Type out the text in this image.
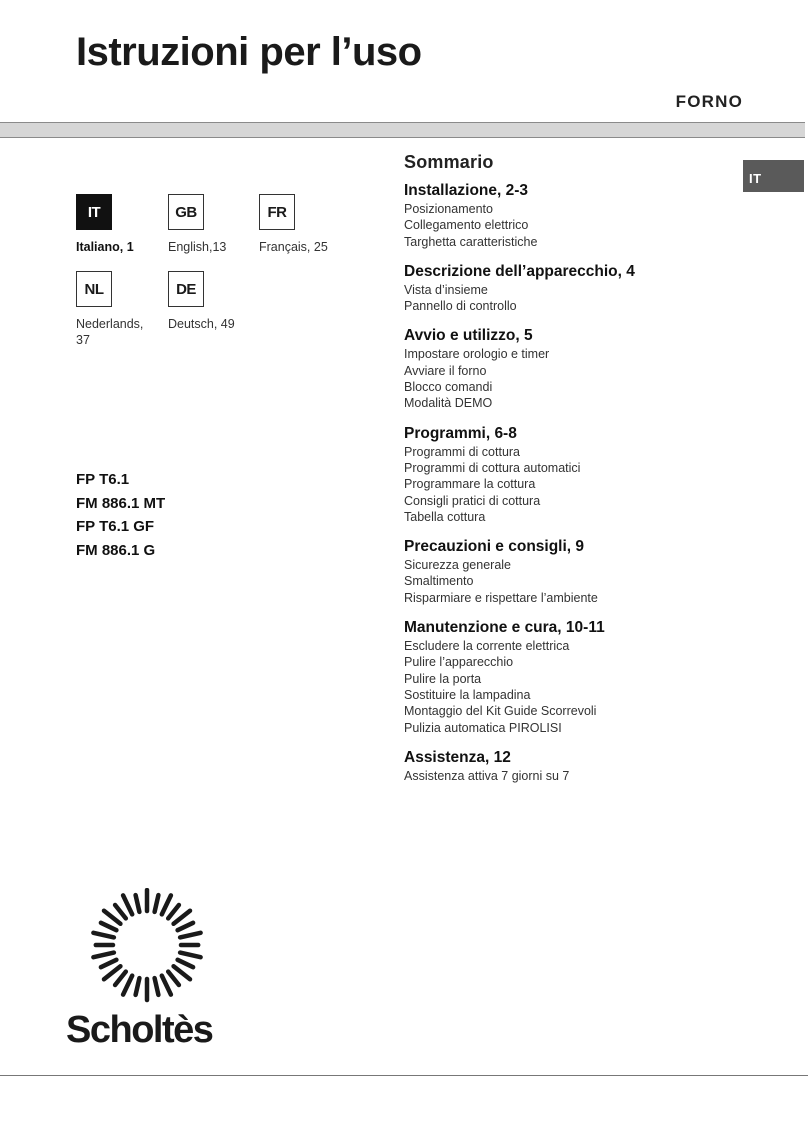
Istruzioni per l’uso
FORNO
IT
IT
Italiano, 1
GB
English,13
FR
Français, 25
NL
Nederlands, 37
DE
Deutsch, 49
FP T6.1
FM 886.1 MT
FP T6.1 GF
FM 886.1 G
Sommario
Installazione, 2-3
Posizionamento
Collegamento elettrico
Targhetta caratteristiche
Descrizione dell’apparecchio, 4
Vista d’insieme
Pannello di controllo
Avvio e utilizzo, 5
Impostare orologio e timer
Avviare il forno
Blocco comandi
Modalità DEMO
Programmi, 6-8
Programmi di cottura
Programmi di cottura automatici
Programmare la cottura
Consigli pratici di cottura
Tabella cottura
Precauzioni e consigli, 9
Sicurezza generale
Smaltimento
Risparmiare e rispettare l’ambiente
Manutenzione e cura, 10-11
Escludere la corrente elettrica
Pulire l’apparecchio
Pulire la porta
Sostituire la lampadina
Montaggio del Kit Guide Scorrevoli
Pulizia automatica PIROLISI
Assistenza, 12
Assistenza attiva 7 giorni su 7
Scholtès
